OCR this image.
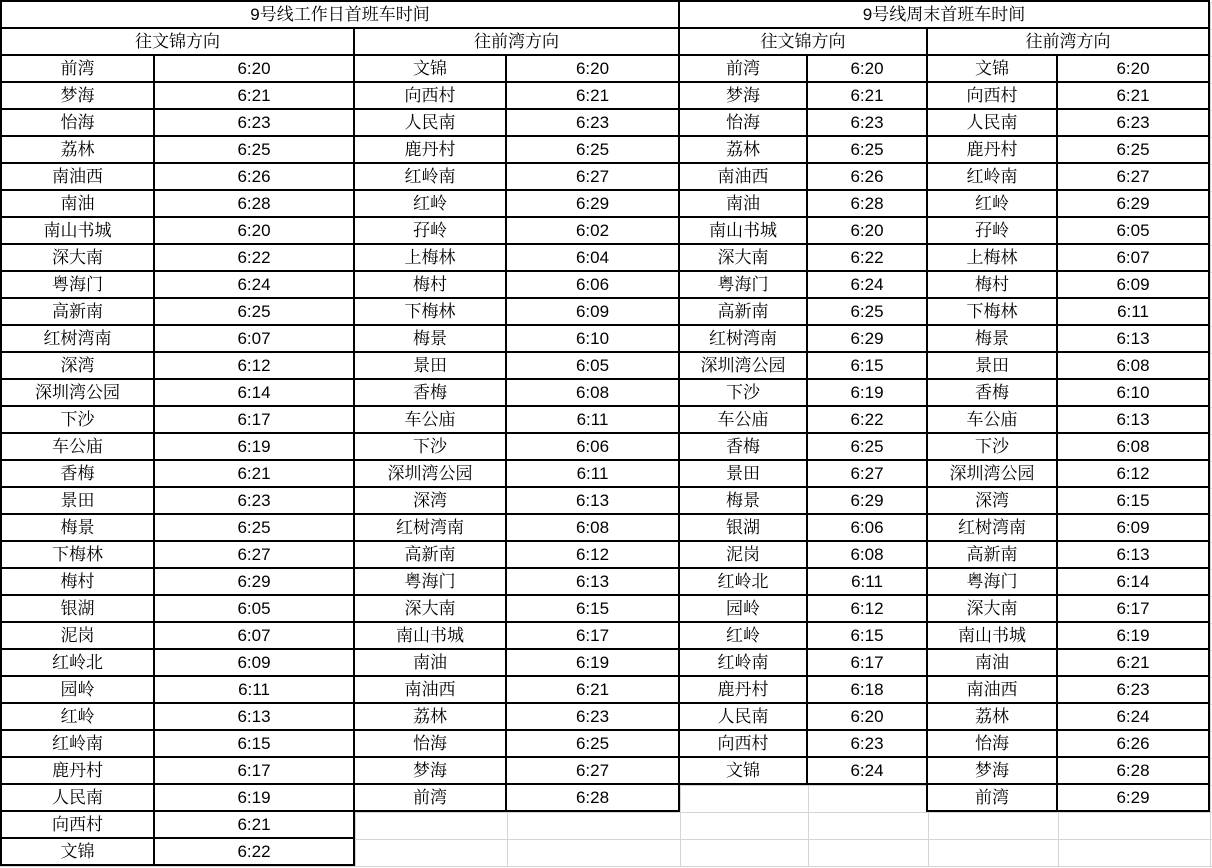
9号线工作日首班车时间
往文锦方向
前湾	6:20
梦海	6:21
怡海	6:23
荔林	6:25
南油西	6:26
南油	6:28
南山书城	6:20
深大南	6:22
粤海门	6:24
高新南	6:25
红树湾南	6:07
深湾	6:12
深圳湾公园	6:14
下沙	6:17
车公庙	6:19
香梅	6:21
景田	6:23
梅景	6:25
下梅林	6:27
梅村	6:29
银湖	6:05
泥岗	6:07
红岭北	6:09
园岭	6:11
红岭	6:13
红岭南	6:15
鹿丹村	6:17
人民南	6:19
向西村	6:21
文锦	6:22
往前湾方向
文锦	6:20
向西村	6:21
人民南	6:23
鹿丹村	6:25
红岭南	6:27
红岭	6:29
孖岭	6:02
上梅林	6:04
梅村	6:06
下梅林	6:09
梅景	6:10
景田	6:05
香梅	6:08
车公庙	6:11
下沙	6:06
深圳湾公园	6:11
深湾	6:13
红树湾南	6:08
高新南	6:12
粤海门	6:13
深大南	6:15
南山书城	6:17
南油	6:19
南油西	6:21
荔林	6:23
怡海	6:25
梦海	6:27
前湾	6:28
9号线周末首班车时间
往文锦方向
前湾	6:20
梦海	6:21
怡海	6:23
荔林	6:25
南油西	6:26
南油	6:28
南山书城	6:20
深大南	6:22
粤海门	6:24
高新南	6:25
红树湾南	6:29
深圳湾公园	6:15
下沙	6:19
车公庙	6:22
香梅	6:25
景田	6:27
梅景	6:29
银湖	6:06
泥岗	6:08
红岭北	6:11
园岭	6:12
红岭	6:15
红岭南	6:17
鹿丹村	6:18
人民南	6:20
向西村	6:23
文锦	6:24
往前湾方向
文锦	6:20
向西村	6:21
人民南	6:23
鹿丹村	6:25
红岭南	6:27
红岭	6:29
孖岭	6:05
上梅林	6:07
梅村	6:09
下梅林	6:11
梅景	6:13
景田	6:08
香梅	6:10
车公庙	6:13
下沙	6:08
深圳湾公园	6:12
深湾	6:15
红树湾南	6:09
高新南	6:13
粤海门	6:14
深大南	6:17
南山书城	6:19
南油	6:21
南油西	6:23
荔林	6:24
怡海	6:26
梦海	6:28
前湾	6:29
